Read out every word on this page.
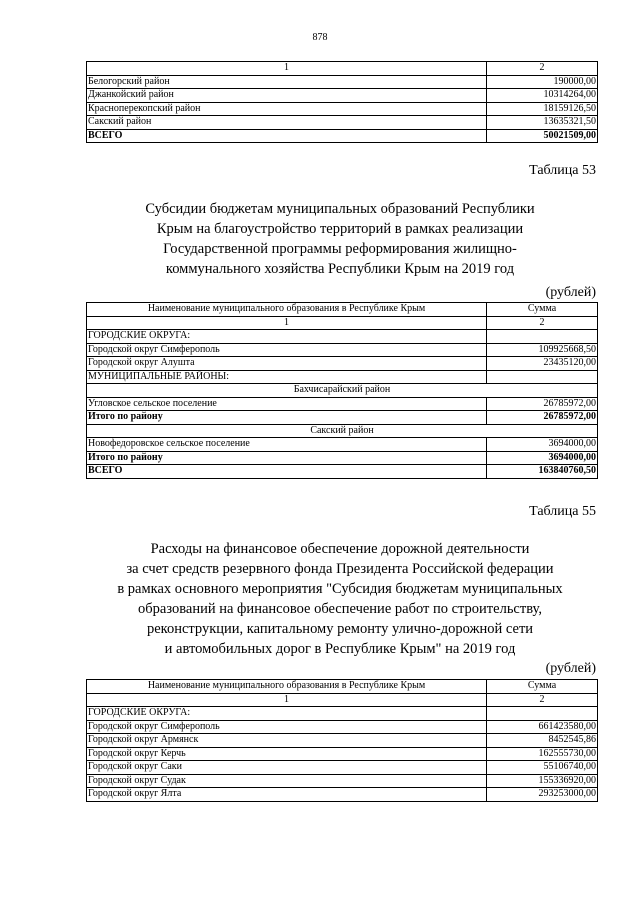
878
1	2
Белогорский район	190000,00
Джанкойский район	10314264,00
Красноперекопский район	18159126,50
Сакский район	13635321,50
ВСЕГО	50021509,00
Таблица 53
Субсидии бюджетам муниципальных образований Республики
Крым на благоустройство территорий в рамках реализации
Государственной программы реформирования жилищно-
коммунального хозяйства Республики Крым на 2019 год
(рублей)
Наименование муниципального образования в Республике Крым	Сумма
1	2
ГОРОДСКИЕ ОКРУГА:	
Городской округ Симферополь	109925668,50
Городской округ Алушта	23435120,00
МУНИЦИПАЛЬНЫЕ РАЙОНЫ:	
Бахчисарайский район	
Угловское сельское поселение	26785972,00
Итого по району	26785972,00
Сакский район	
Новофедоровское сельское поселение	3694000,00
Итого по району	3694000,00
ВСЕГО	163840760,50
Таблица 55
Расходы на финансовое обеспечение дорожной деятельности
за счет средств резервного фонда Президента Российской федерации
в рамках основного мероприятия "Субсидия бюджетам муниципальных
образований на финансовое обеспечение работ по строительству,
реконструкции, капитальному ремонту улично-дорожной сети
и автомобильных дорог в Республике Крым" на 2019 год
(рублей)
Наименование муниципального образования в Республике Крым	Сумма
1	2
ГОРОДСКИЕ ОКРУГА:	
Городской округ Симферополь	661423580,00
Городской округ Армянск	8452545,86
Городской округ Керчь	162555730,00
Городской округ Саки	55106740,00
Городской округ Судак	155336920,00
Городской округ Ялта	293253000,00
